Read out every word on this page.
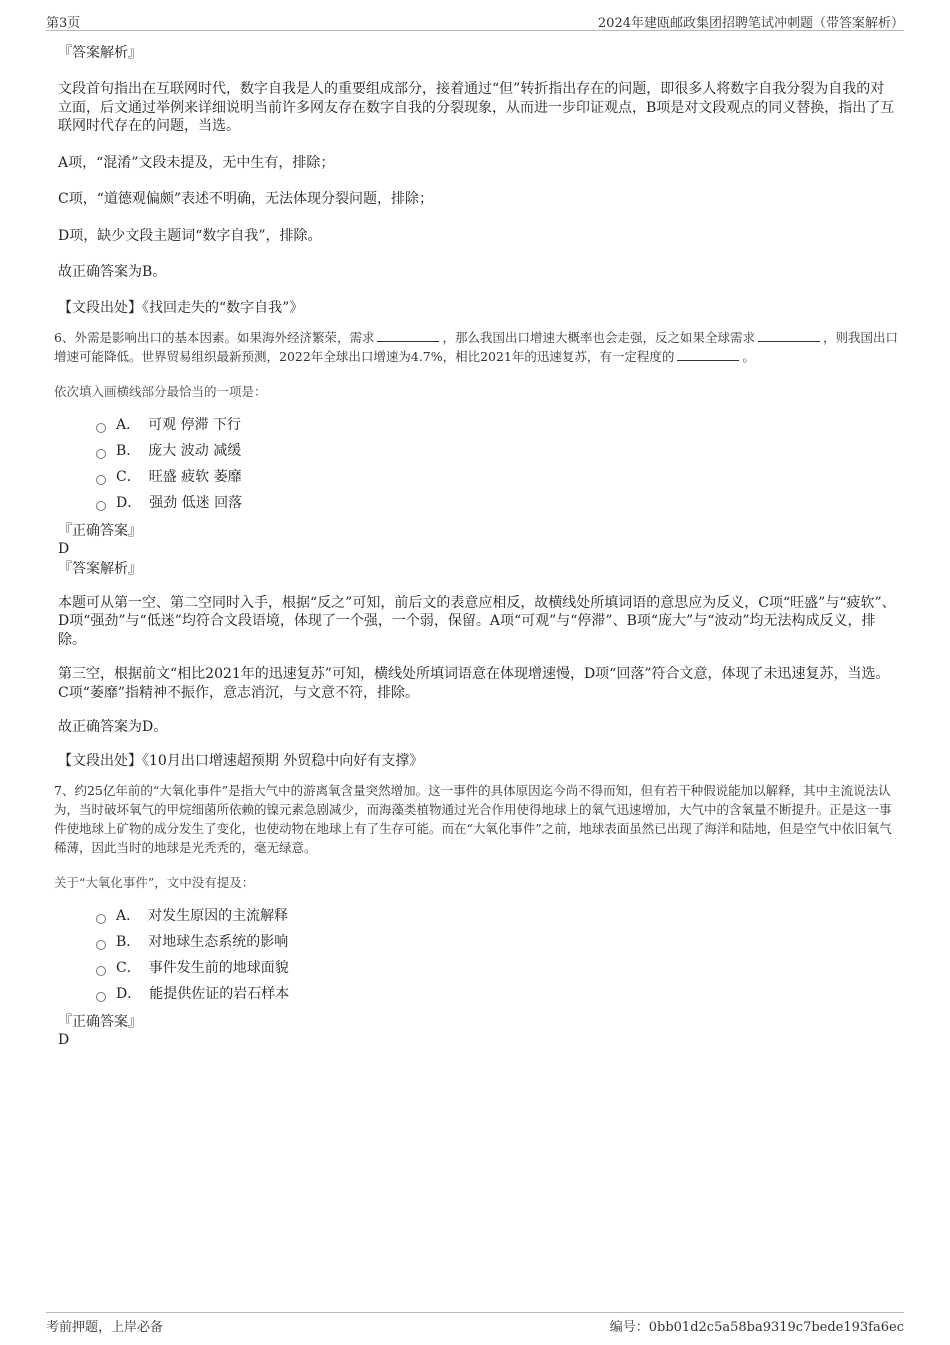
第3页	2024年建瓯邮政集团招聘笔试冲刺题（带答案解析）
『答案解析』

文段首句指出在互联网时代，数字自我是人的重要组成部分，接着通过“但”转折指出存在的问题，即很多人将数字自我分裂为自我的对立面，后文通过举例来详细说明当前许多网友存在数字自我的分裂现象，从而进一步印证观点，B项是对文段观点的同义替换，指出了互联网时代存在的问题，当选。

A项，“混淆”文段未提及，无中生有，排除；

C项，“道德观偏颇”表述不明确，无法体现分裂问题，排除；

D项，缺少文段主题词“数字自我”，排除。

故正确答案为B。

【文段出处】《找回走失的“数字自我”》

6、外需是影响出口的基本因素。如果海外经济繁荣，需求	，那么我国出口增速大概率也会走强，反之如果全球需求	，则我国出口增速可能降低。世界贸易组织最新预测，2022年全球出口增速为4.7%，相比2021年的迅速复苏，有一定程度的	。

依次填入画横线部分最恰当的一项是：

A． 可观 停滞 下行
B． 庞大 波动 减缓
C． 旺盛 疲软 萎靡
D． 强劲 低迷 回落
『正确答案』
D
『答案解析』

本题可从第一空、第二空同时入手，根据“反之”可知，前后文的表意应相反，故横线处所填词语的意思应为反义，C项“旺盛”与“疲软”、D项“强劲”与“低迷”均符合文段语境，体现了一个强，一个弱，保留。A项“可观”与“停滞”、B项“庞大”与“波动”均无法构成反义，排除。

第三空，根据前文“相比2021年的迅速复苏”可知，横线处所填词语意在体现增速慢，D项“回落”符合文意，体现了未迅速复苏，当选。C项“萎靡”指精神不振作，意志消沉，与文意不符，排除。

故正确答案为D。

【文段出处】《10月出口增速超预期 外贸稳中向好有支撑》

7、约25亿年前的“大氧化事件”是指大气中的游离氧含量突然增加。这一事件的具体原因迄今尚不得而知，但有若干种假说能加以解释，其中主流说法认为，当时破坏氧气的甲烷细菌所依赖的镍元素急剧减少，而海藻类植物通过光合作用使得地球上的氧气迅速增加，大气中的含氧量不断提升。正是这一事件使地球上矿物的成分发生了变化，也使动物在地球上有了生存可能。而在“大氧化事件”之前，地球表面虽然已出现了海洋和陆地，但是空气中依旧氧气稀薄，因此当时的地球是光秃秃的，毫无绿意。

关于“大氧化事件”，文中没有提及：

A． 对发生原因的主流解释
B． 对地球生态系统的影响
C． 事件发生前的地球面貌
D． 能提供佐证的岩石样本
『正确答案』
D
考前押题，上岸必备	编号：0bb01d2c5a58ba9319c7bede193fa6ec
